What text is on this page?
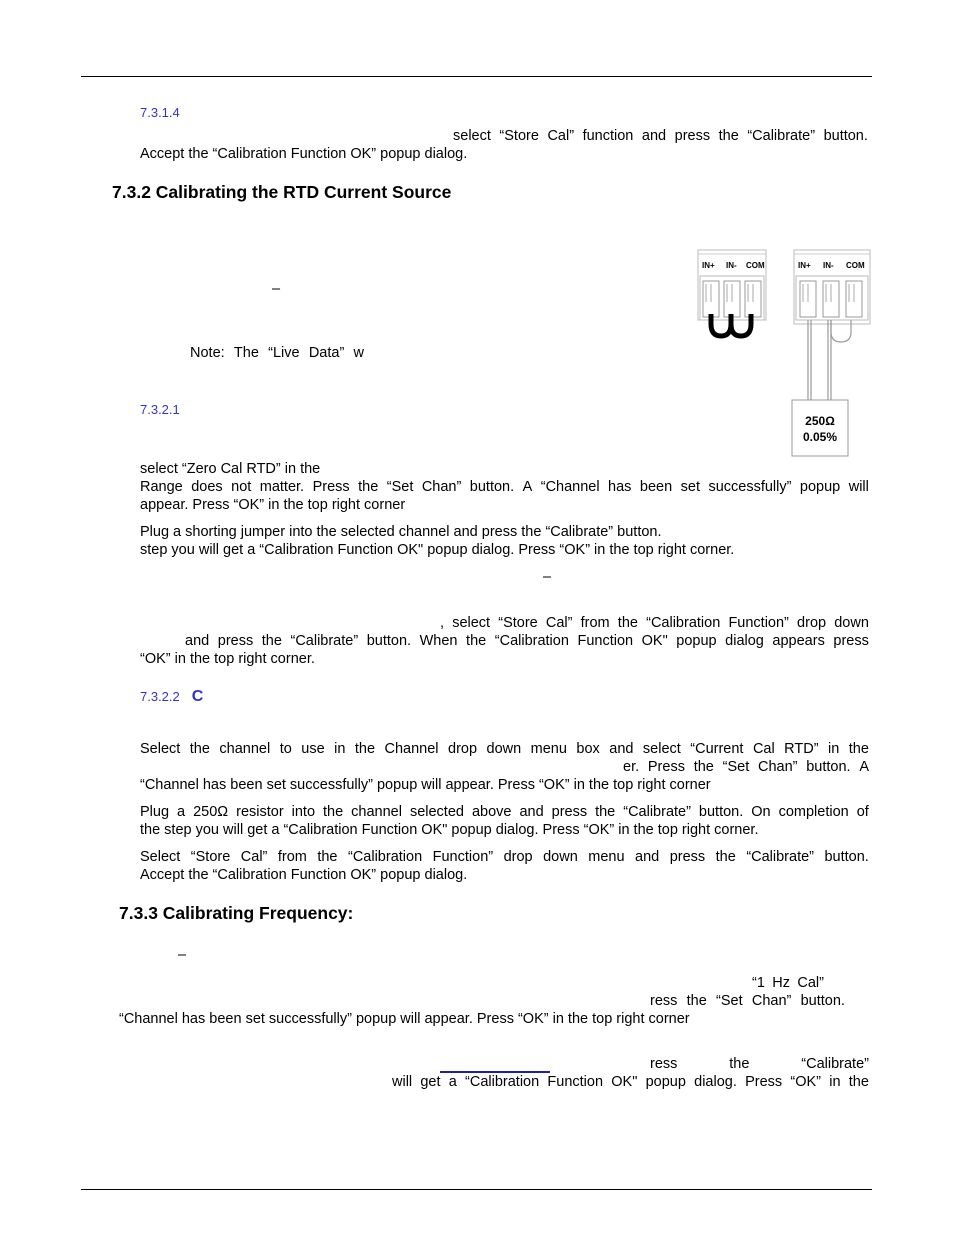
7.3.1.4
select “Store Cal” function and press the “Calibrate” button.
Accept the “Calibration Function OK” popup dialog.
7.3.2 Calibrating the RTD Current Source
–
Note: The “Live Data” w
IN+ IN- COM	IN+ IN- COM
250Ω
0.05%
7.3.2.1
select “Zero Cal RTD” in the
Range does not matter. Press the “Set Chan” button. A “Channel has been set successfully” popup will
appear. Press “OK” in the top right corner
Plug a shorting jumper into the selected channel and press the “Calibrate” button.
step you will get a “Calibration Function OK" popup dialog. Press “OK” in the top right corner.
–
, select “Store Cal” from the “Calibration Function” drop down
and press the “Calibrate” button. When the “Calibration Function OK" popup dialog appears press
“OK” in the top right corner.
7.3.2.2 C
Select the channel to use in the Channel drop down menu box and select “Current Cal RTD” in the
er. Press the “Set Chan” button. A
“Channel has been set successfully” popup will appear. Press “OK” in the top right corner
Plug a 250Ω resistor into the channel selected above and press the “Calibrate” button. On completion of
the step you will get a “Calibration Function OK" popup dialog. Press “OK” in the top right corner.
Select “Store Cal” from the “Calibration Function” drop down menu and press the “Calibrate” button.
Accept the “Calibration Function OK” popup dialog.
7.3.3 Calibrating Frequency:
–
“1 Hz Cal”
ress the “Set Chan” button.
“Channel has been set successfully” popup will appear. Press “OK” in the top right corner
ress	the	“Calibrate”
will get a “Calibration Function OK" popup dialog. Press “OK” in the
